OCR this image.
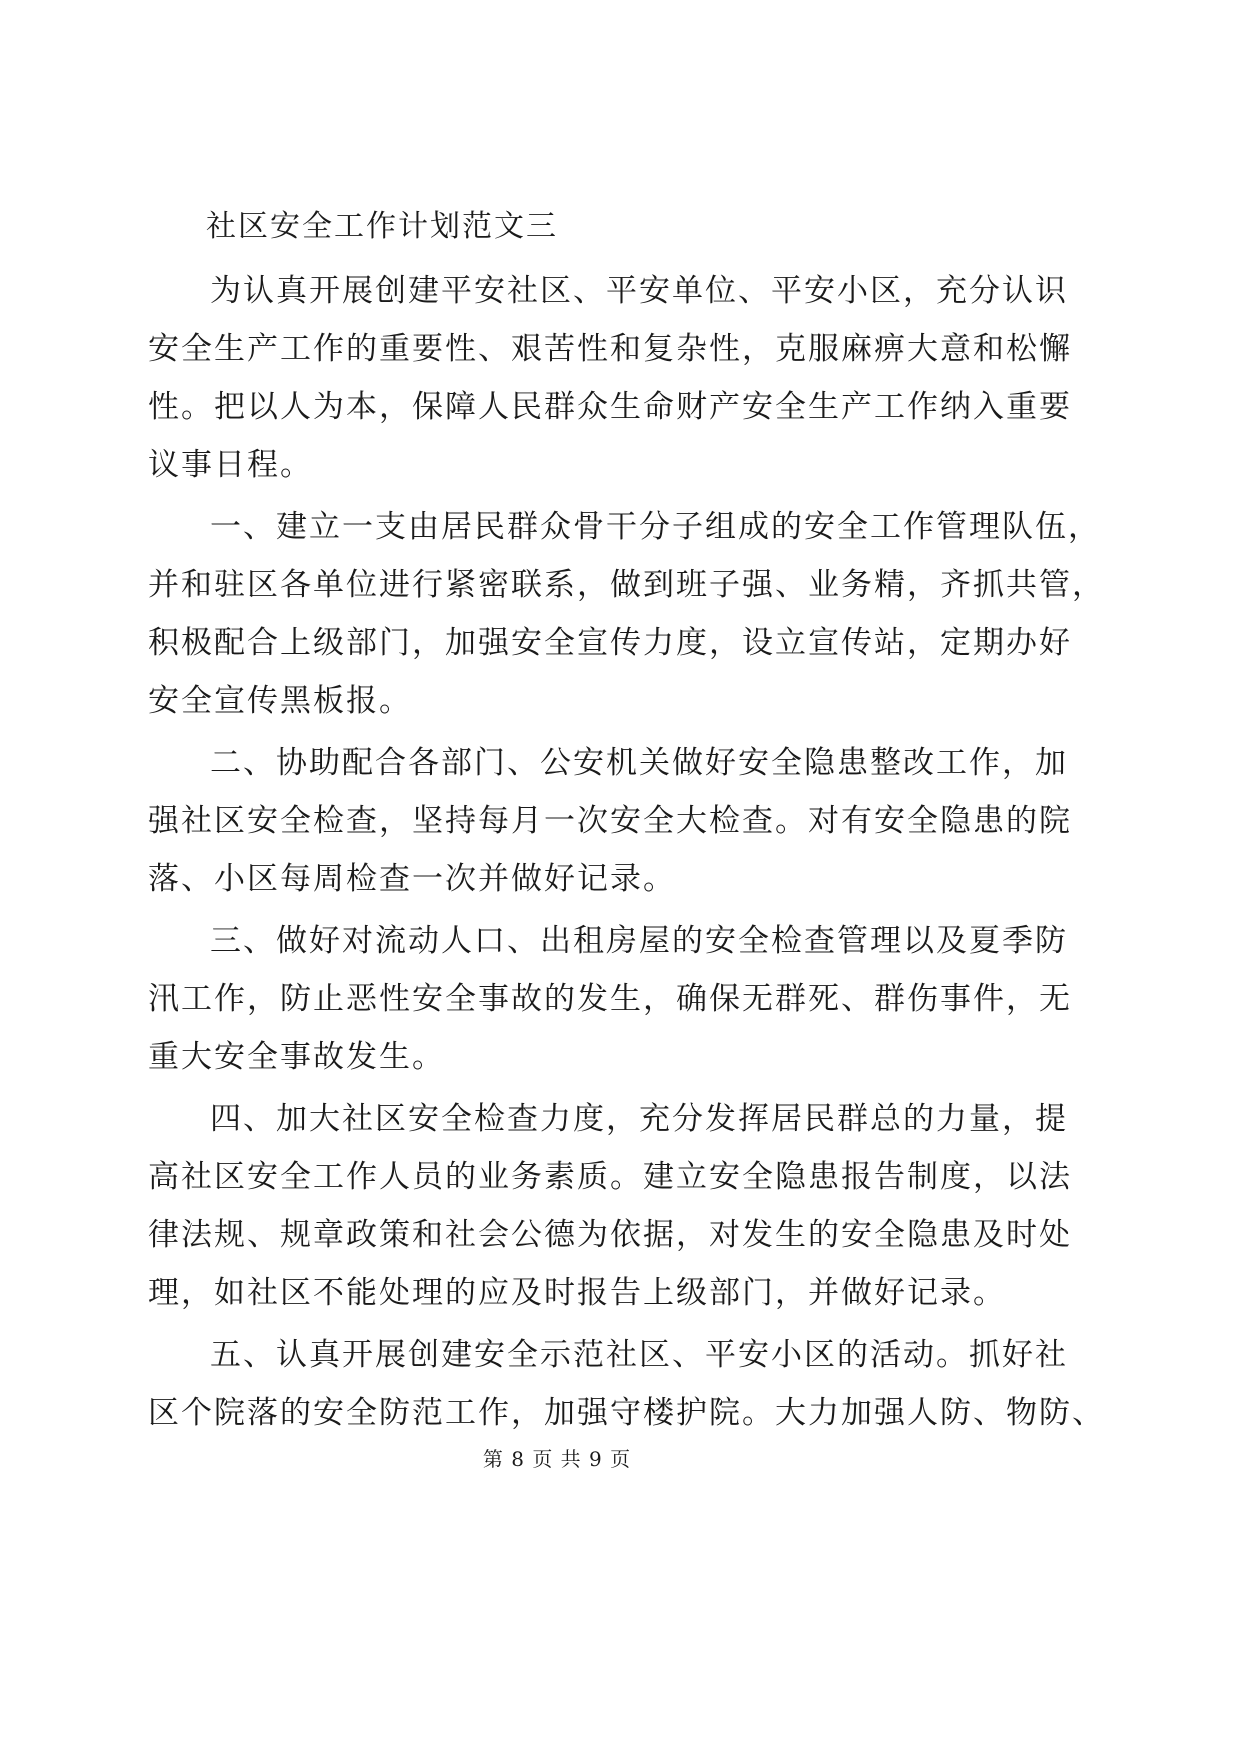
社区安全工作计划范文三
为认真开展创建平安社区、平安单位、平安小区，充分认识
安全生产工作的重要性、艰苦性和复杂性，克服麻痹大意和松懈
性。把以人为本，保障人民群众生命财产安全生产工作纳入重要
议事日程。
一、建立一支由居民群众骨干分子组成的安全工作管理队伍，
并和驻区各单位进行紧密联系，做到班子强、业务精，齐抓共管，
积极配合上级部门，加强安全宣传力度，设立宣传站，定期办好
安全宣传黑板报。
二、协助配合各部门、公安机关做好安全隐患整改工作，加
强社区安全检查，坚持每月一次安全大检查。对有安全隐患的院
落、小区每周检查一次并做好记录。
三、做好对流动人口、出租房屋的安全检查管理以及夏季防
汛工作，防止恶性安全事故的发生，确保无群死、群伤事件，无
重大安全事故发生。
四、加大社区安全检查力度，充分发挥居民群总的力量，提
高社区安全工作人员的业务素质。建立安全隐患报告制度，以法
律法规、规章政策和社会公德为依据，对发生的安全隐患及时处
理，如社区不能处理的应及时报告上级部门，并做好记录。
五、认真开展创建安全示范社区、平安小区的活动。抓好社
区个院落的安全防范工作，加强守楼护院。大力加强人防、物防、
第 8 页 共 9 页
